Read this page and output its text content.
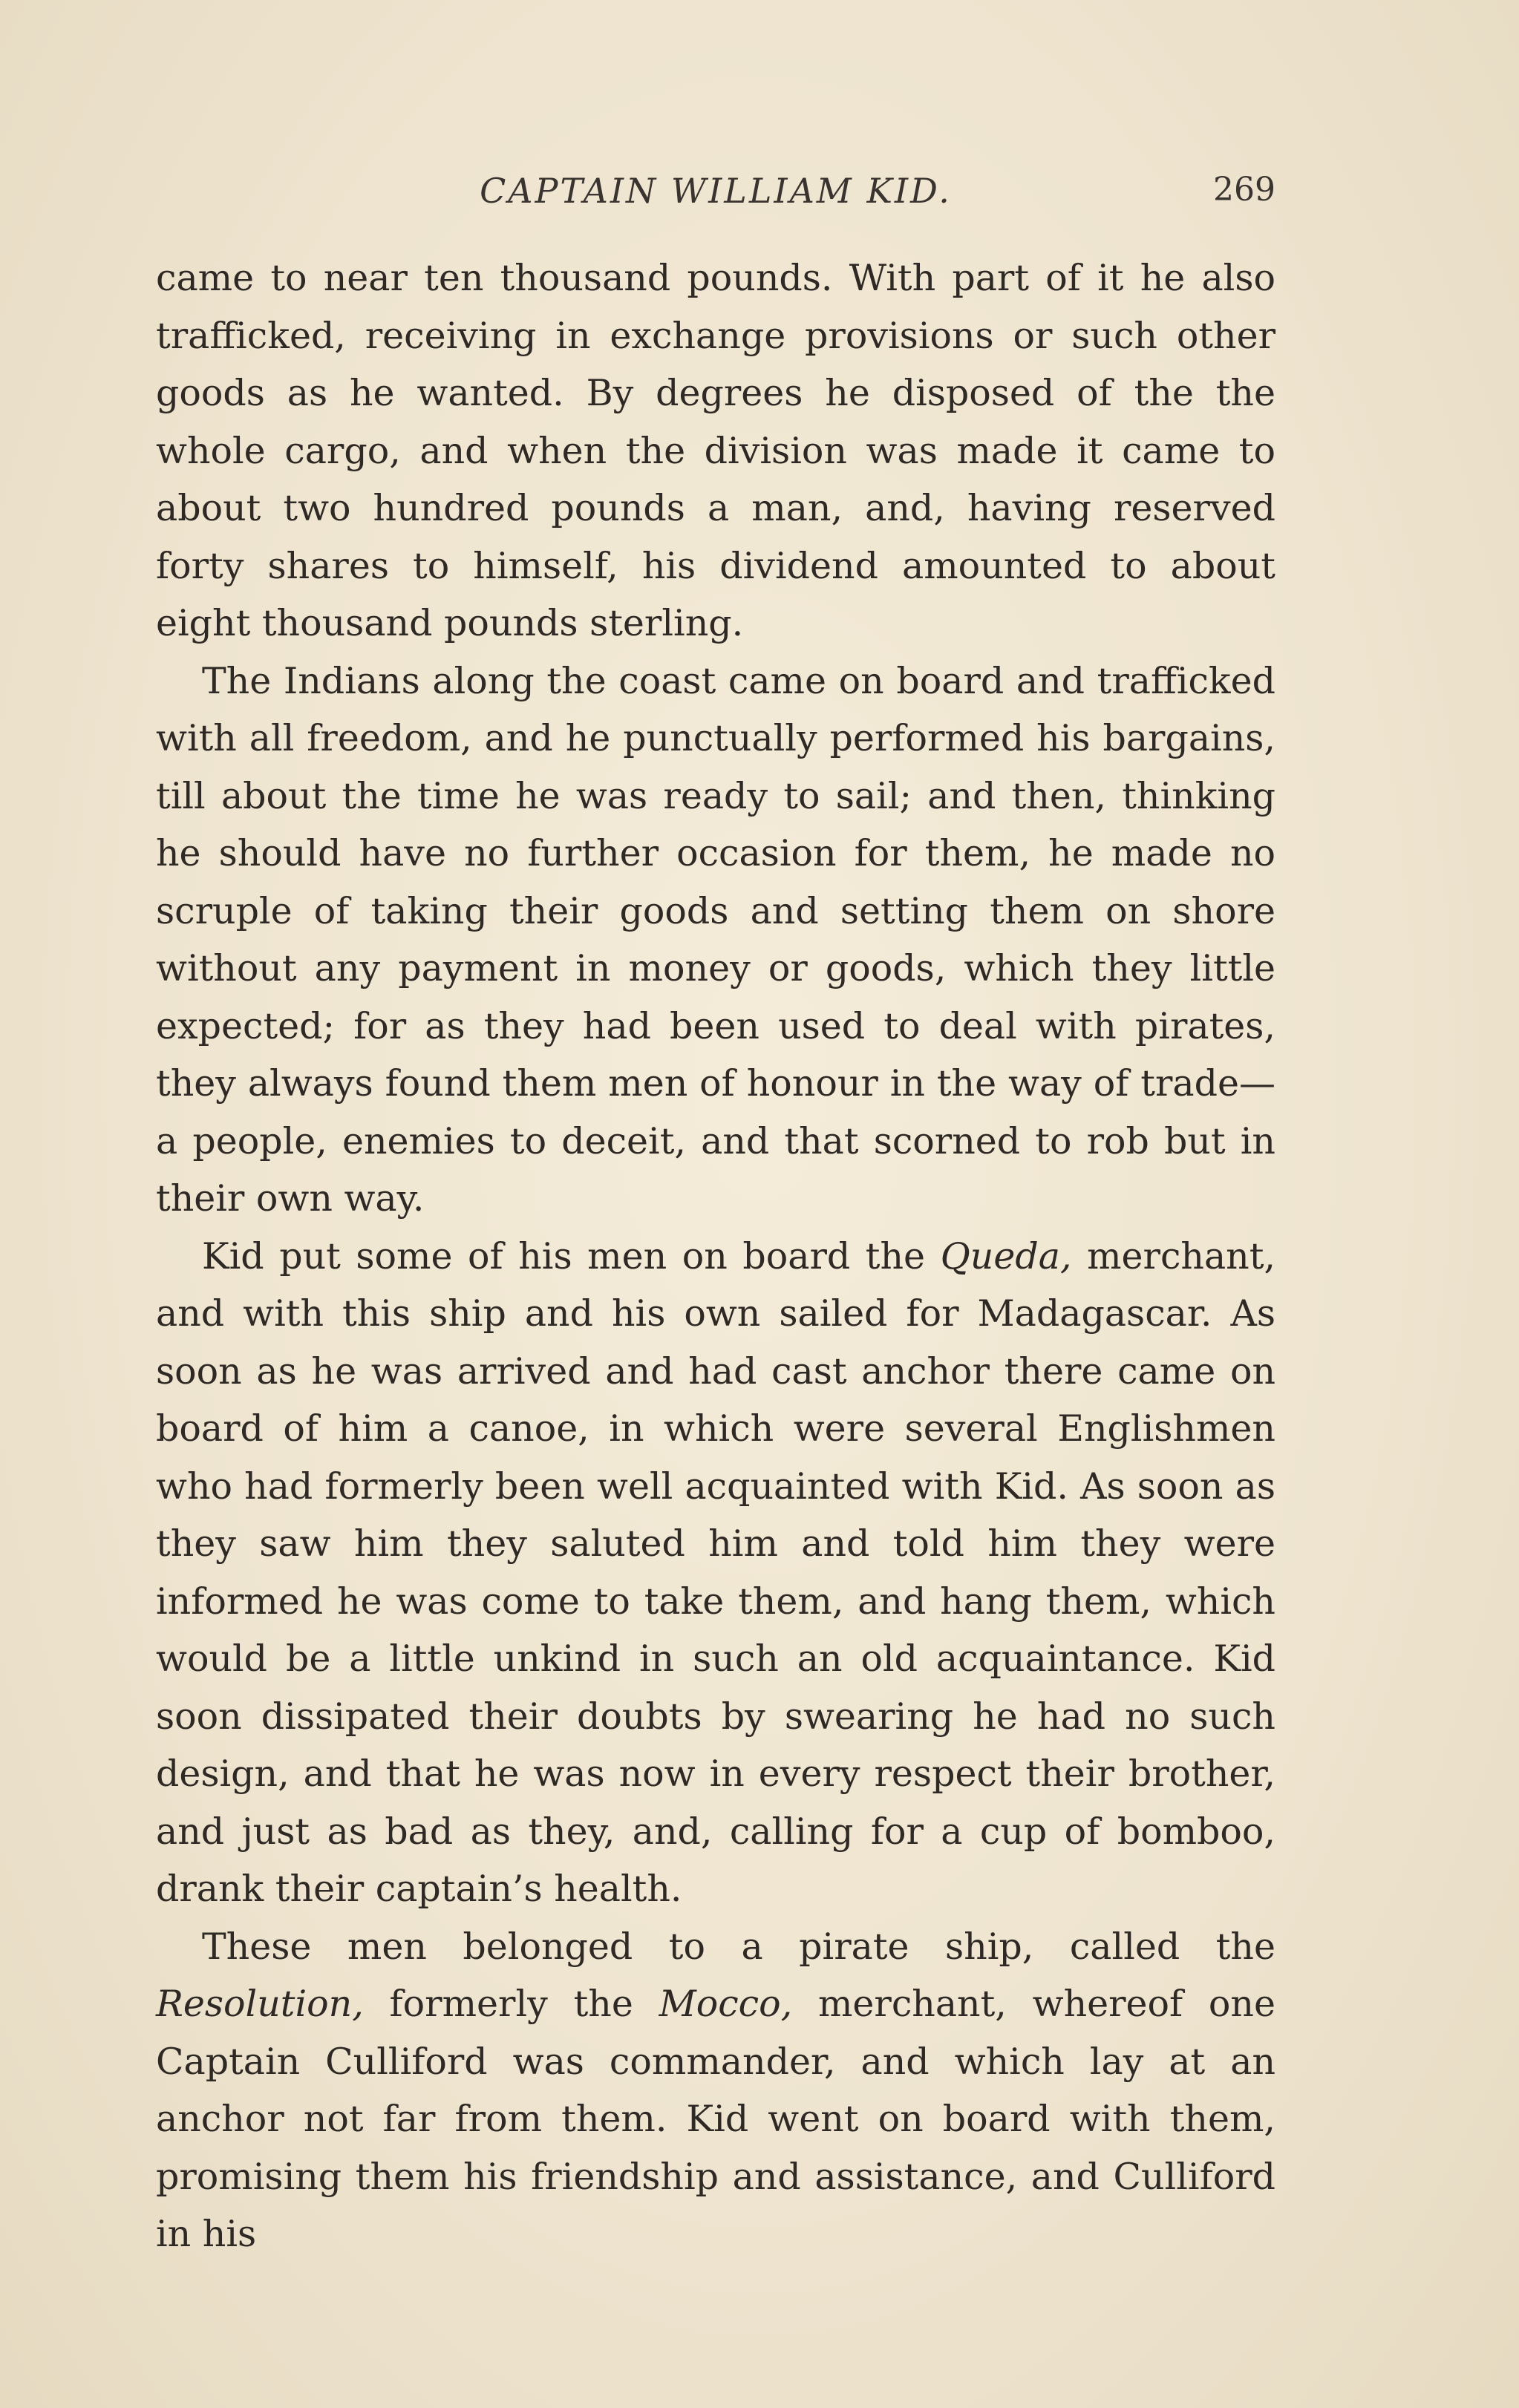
CAPTAIN WILLIAM KID.	269

came to near ten thousand pounds. With part of it he also trafficked, receiving in exchange provisions or such other goods as he wanted. By degrees he disposed of the the whole cargo, and when the division was made it came to about two hundred pounds a man, and, having reserved forty shares to himself, his dividend amounted to about eight thousand pounds sterling.

The Indians along the coast came on board and trafficked with all freedom, and he punctually performed his bargains, till about the time he was ready to sail; and then, thinking he should have no further occasion for them, he made no scruple of taking their goods and setting them on shore without any payment in money or goods, which they little expected; for as they had been used to deal with pirates, they always found them men of honour in the way of trade—a people, enemies to deceit, and that scorned to rob but in their own way.

Kid put some of his men on board the Quedа, merchant, and with this ship and his own sailed for Madagascar. As soon as he was arrived and had cast anchor there came on board of him a canoe, in which were several Englishmen who had formerly been well acquainted with Kid. As soon as they saw him they saluted him and told him they were informed he was come to take them, and hang them, which would be a little unkind in such an old acquaintance. Kid soon dissipated their doubts by swearing he had no such design, and that he was now in every respect their brother, and just as bad as they, and, calling for a cup of bomboo, drank their captain’s health.

These men belonged to a pirate ship, called the Resolution, formerly the Mocco, merchant, whereof one Captain Culliford was commander, and which lay at an anchor not far from them. Kid went on board with them, promising them his friendship and assistance, and Culliford in his
